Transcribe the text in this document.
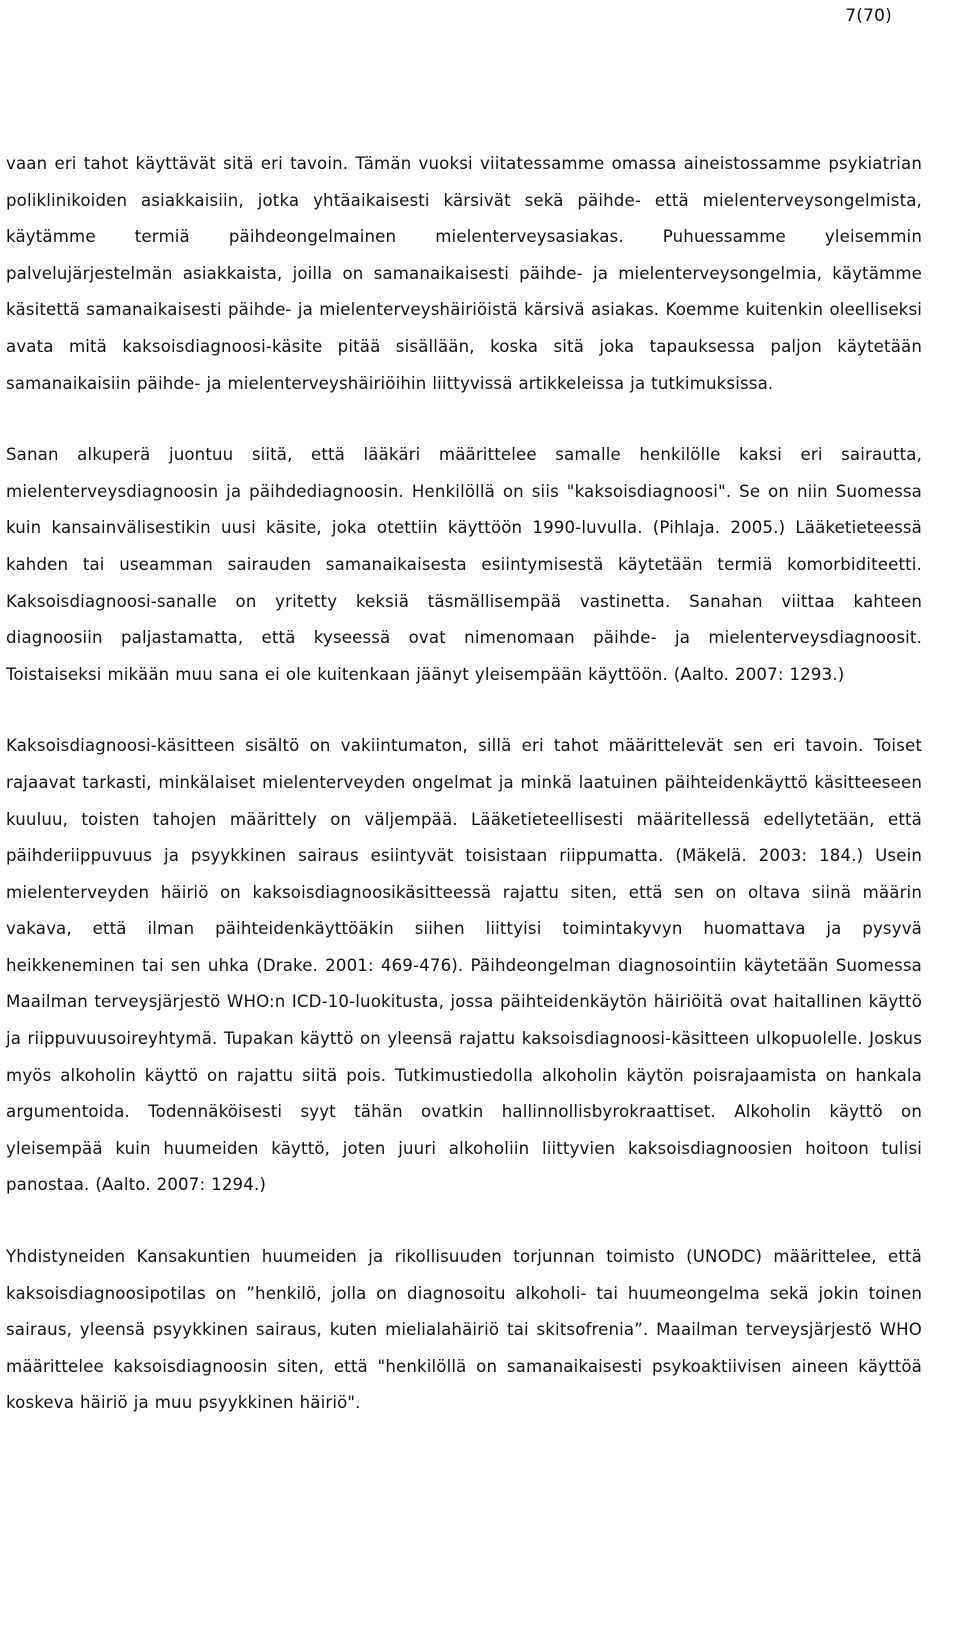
7(70)

vaan eri tahot käyttävät sitä eri tavoin. Tämän vuoksi viitatessamme omassa aineistossamme psykiatrian poliklinikoiden asiakkaisiin, jotka yhtäaikaisesti kärsivät sekä päihde- että mielenterveysongelmista, käytämme termiä päihdeongelmainen mielenterveysasiakas. Puhuessamme yleisemmin palvelujärjestelmän asiakkaista, joilla on samanaikaisesti päihde- ja mielenterveysongelmia, käytämme käsitettä samanaikaisesti päihde- ja mielenterveyshäiriöistä kärsivä asiakas. Koemme kuitenkin oleelliseksi avata mitä kaksoisdiagnoosi-käsite pitää sisällään, koska sitä joka tapauksessa paljon käytetään samanaikaisiin päihde- ja mielenterveyshäiriöihin liittyvissä artikkeleissa ja tutkimuksissa.

Sanan alkuperä juontuu siitä, että lääkäri määrittelee samalle henkilölle kaksi eri sairautta, mielenterveysdiagnoosin ja päihdediagnoosin. Henkilöllä on siis "kaksoisdiagnoosi". Se on niin Suomessa kuin kansainvälisestikin uusi käsite, joka otettiin käyttöön 1990-luvulla. (Pihlaja. 2005.) Lääketieteessä kahden tai useamman sairauden samanaikaisesta esiintymisestä käytetään termiä komorbiditeetti. Kaksoisdiagnoosi-sanalle on yritetty keksiä täsmällisempää vastinetta. Sanahan viittaa kahteen diagnoosiin paljastamatta, että kyseessä ovat nimenomaan päihde- ja mielenterveysdiagnoosit. Toistaiseksi mikään muu sana ei ole kuitenkaan jäänyt yleisempään käyttöön. (Aalto. 2007: 1293.)

Kaksoisdiagnoosi-käsitteen sisältö on vakiintumaton, sillä eri tahot määrittelevät sen eri tavoin. Toiset rajaavat tarkasti, minkälaiset mielenterveyden ongelmat ja minkä laatuinen päihteidenkäyttö käsitteeseen kuuluu, toisten tahojen määrittely on väljempää. Lääketieteellisesti määritellessä edellytetään, että päihderiippuvuus ja psyykkinen sairaus esiintyvät toisistaan riippumatta. (Mäkelä. 2003: 184.) Usein mielenterveyden häiriö on kaksoisdiagnoosikäsitteessä rajattu siten, että sen on oltava siinä määrin vakava, että ilman päihteidenkäyttöäkin siihen liittyisi toimintakyvyn huomattava ja pysyvä heikkeneminen tai sen uhka (Drake. 2001: 469-476). Päihdeongelman diagnosointiin käytetään Suomessa Maailman terveysjärjestö WHO:n ICD-10-luokitusta, jossa päihteidenkäytön häiriöitä ovat haitallinen käyttö ja riippuvuusoireyhtymä. Tupakan käyttö on yleensä rajattu kaksoisdiagnoosi-käsitteen ulkopuolelle. Joskus myös alkoholin käyttö on rajattu siitä pois. Tutkimustiedolla alkoholin käytön poisrajaamista on hankala argumentoida. Todennäköisesti syyt tähän ovatkin hallinnollisbyrokraattiset. Alkoholin käyttö on yleisempää kuin huumeiden käyttö, joten juuri alkoholiin liittyvien kaksoisdiagnoosien hoitoon tulisi panostaa. (Aalto. 2007: 1294.)

Yhdistyneiden Kansakuntien huumeiden ja rikollisuuden torjunnan toimisto (UNODC) määrittelee, että kaksoisdiagnoosipotilas on ”henkilö, jolla on diagnosoitu alkoholi- tai huumeongelma sekä jokin toinen sairaus, yleensä psyykkinen sairaus, kuten mielialahäiriö tai skitsofrenia”. Maailman terveysjärjestö WHO määrittelee kaksoisdiagnoosin siten, että "henkilöllä on samanaikaisesti psykoaktiivisen aineen käyttöä koskeva häiriö ja muu psyykkinen häiriö".
